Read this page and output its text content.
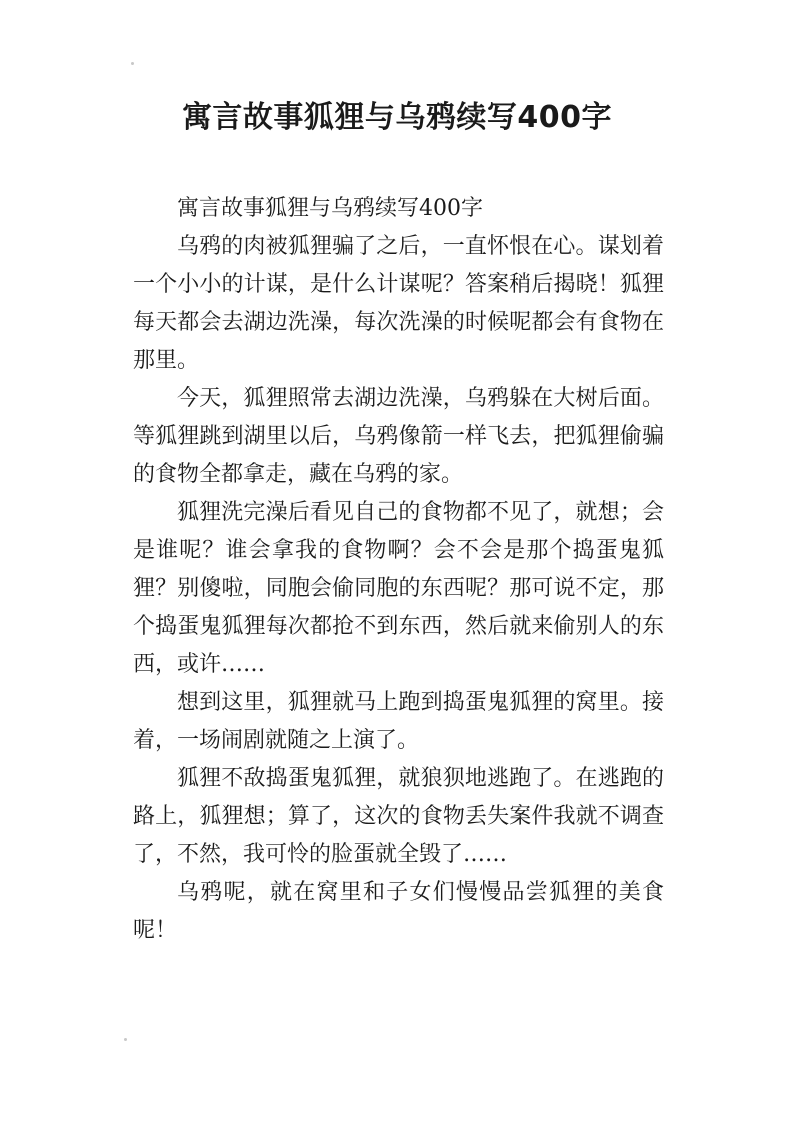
寓言故事狐狸与乌鸦续写400字

寓言故事狐狸与乌鸦续写400字

乌鸦的肉被狐狸骗了之后，一直怀恨在心。谋划着一个小小的计谋，是什么计谋呢？答案稍后揭晓！狐狸每天都会去湖边洗澡，每次洗澡的时候呢都会有食物在那里。

今天，狐狸照常去湖边洗澡，乌鸦躲在大树后面。等狐狸跳到湖里以后，乌鸦像箭一样飞去，把狐狸偷骗的食物全都拿走，藏在乌鸦的家。

狐狸洗完澡后看见自己的食物都不见了，就想；会是谁呢？谁会拿我的食物啊？会不会是那个捣蛋鬼狐狸？别傻啦，同胞会偷同胞的东西呢？那可说不定，那个捣蛋鬼狐狸每次都抢不到东西，然后就来偷别人的东西，或许……

想到这里，狐狸就马上跑到捣蛋鬼狐狸的窝里。接着，一场闹剧就随之上演了。

狐狸不敌捣蛋鬼狐狸，就狼狈地逃跑了。在逃跑的路上，狐狸想；算了，这次的食物丢失案件我就不调查了，不然，我可怜的脸蛋就全毁了……

乌鸦呢，就在窝里和子女们慢慢品尝狐狸的美食呢！
